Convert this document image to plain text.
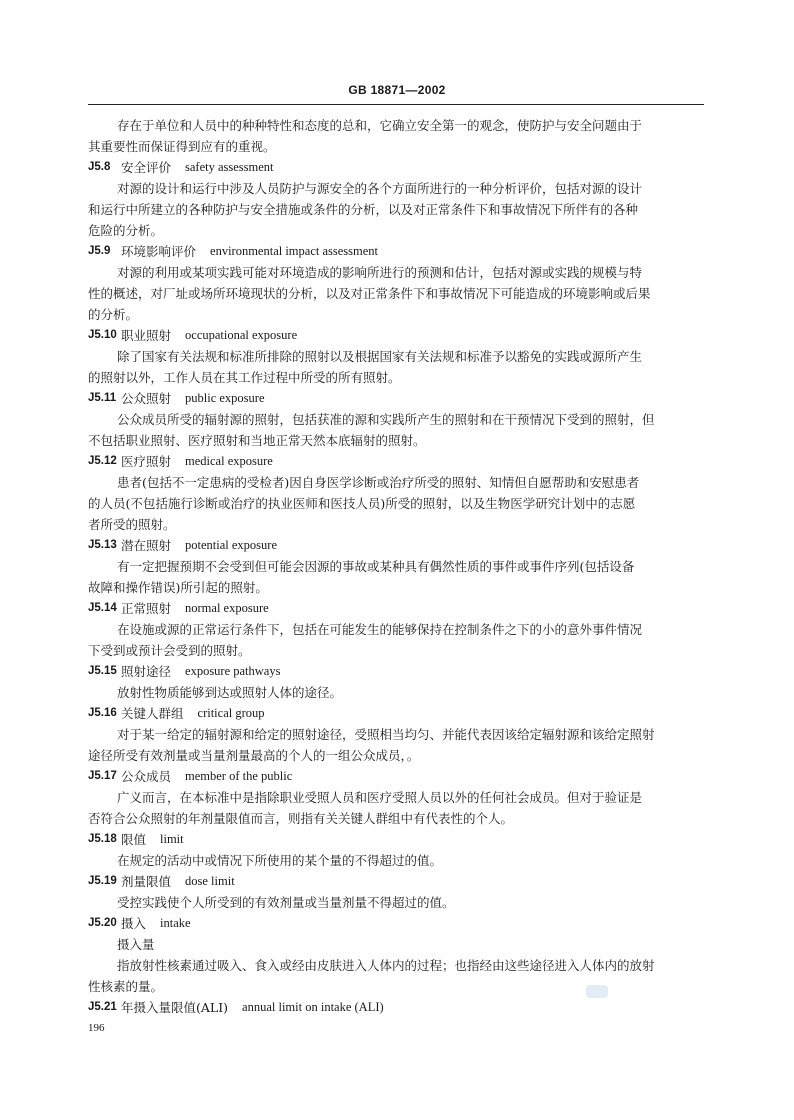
GB 18871—2002
存在于单位和人员中的种种特性和态度的总和，它确立安全第一的观念，使防护与安全问题由于
其重要性而保证得到应有的重视。
J5.8 安全评价 safety assessment
对源的设计和运行中涉及人员防护与源安全的各个方面所进行的一种分析评价，包括对源的设计
和运行中所建立的各种防护与安全措施或条件的分析，以及对正常条件下和事故情况下所伴有的各种
危险的分析。
J5.9 环境影响评价 environmental impact assessment
对源的利用或某项实践可能对环境造成的影响所进行的预测和估计，包括对源或实践的规模与特
性的概述，对厂址或场所环境现状的分析，以及对正常条件下和事故情况下可能造成的环境影响或后果
的分析。
J5.10 职业照射 occupational exposure
除了国家有关法规和标准所排除的照射以及根据国家有关法规和标准予以豁免的实践或源所产生
的照射以外，工作人员在其工作过程中所受的所有照射。
J5.11 公众照射 public exposure
公众成员所受的辐射源的照射，包括获准的源和实践所产生的照射和在干预情况下受到的照射，但
不包括职业照射、医疗照射和当地正常天然本底辐射的照射。
J5.12 医疗照射 medical exposure
患者(包括不一定患病的受检者)因自身医学诊断或治疗所受的照射、知情但自愿帮助和安慰患者
的人员(不包括施行诊断或治疗的执业医师和医技人员)所受的照射，以及生物医学研究计划中的志愿
者所受的照射。
J5.13 潜在照射 potential exposure
有一定把握预期不会受到但可能会因源的事故或某种具有偶然性质的事件或事件序列(包括设备
故障和操作错误)所引起的照射。
J5.14 正常照射 normal exposure
在设施或源的正常运行条件下，包括在可能发生的能够保持在控制条件之下的小的意外事件情况
下受到或预计会受到的照射。
J5.15 照射途径 exposure pathways
放射性物质能够到达或照射人体的途径。
J5.16 关键人群组 critical group
对于某一给定的辐射源和给定的照射途径，受照相当均匀、并能代表因该给定辐射源和该给定照射
途径所受有效剂量或当量剂量最高的个人的一组公众成员，。
J5.17 公众成员 member of the public
广义而言，在本标准中是指除职业受照人员和医疗受照人员以外的任何社会成员。但对于验证是
否符合公众照射的年剂量限值而言，则指有关关键人群组中有代表性的个人。
J5.18 限值 limit
在规定的活动中或情况下所使用的某个量的不得超过的值。
J5.19 剂量限值 dose limit
受控实践使个人所受到的有效剂量或当量剂量不得超过的值。
J5.20 摄入 intake
摄入量
指放射性核素通过吸入、食入或经由皮肤进入人体内的过程；也指经由这些途径进入人体内的放射
性核素的量。
J5.21 年摄入量限值(ALI) annual limit on intake (ALI)
196
